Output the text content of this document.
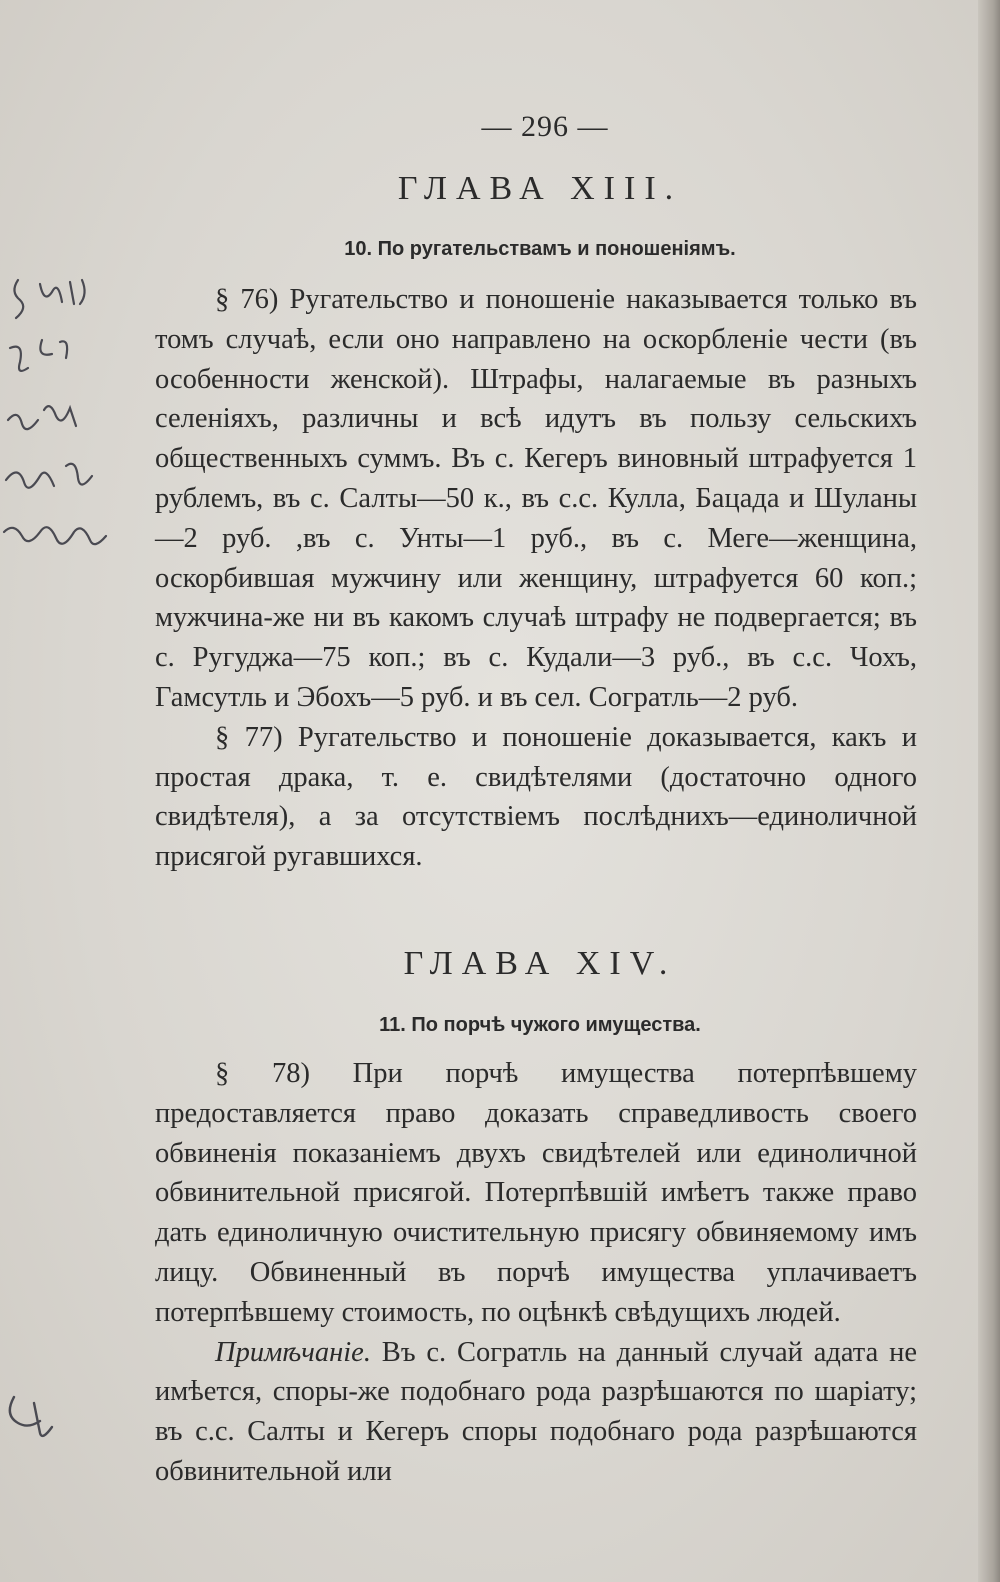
— 296 —
ГЛАВА XIII.
10. По ругательствамъ и поношеніямъ.

§ 76) Ругательство и поношеніе наказывается только въ томъ случаѣ, если оно направлено на оскорбленіе чести (въ особенности женской). Штрафы, налагаемые въ разныхъ селеніяхъ, различны и всѣ идутъ въ пользу сельскихъ общественныхъ суммъ. Въ с. Кегеръ виновный штрафуется 1 рублемъ, въ с. Салты—50 к., въ с.с. Кулла, Бацада и Шуланы—2 руб. ,въ с. Унты—1 руб., въ с. Меге—женщина, оскорбившая мужчину или женщину, штрафуется 60 коп.; мужчина-же ни въ какомъ случаѣ штрафу не подвергается; въ с. Ругуджа—75 коп.; въ с. Кудали—3 руб., въ с.с. Чохъ, Гамсутль и Эбохъ—5 руб. и въ сел. Согратль—2 руб.

§ 77) Ругательство и поношеніе доказывается, какъ и простая драка, т. е. свидѣтелями (достаточно одного свидѣтеля), а за отсутствіемъ послѣднихъ—единоличной присягой ругавшихся.

ГЛАВА XIV.
11. По порчѣ чужого имущества.

§ 78) При порчѣ имущества потерпѣвшему предоставляется право доказать справедливость своего обвиненія показаніемъ двухъ свидѣтелей или единоличной обвинительной присягой. Потерпѣвшій имѣетъ также право дать единоличную очистительную присягу обвиняемому имъ лицу. Обвиненный въ порчѣ имущества уплачиваетъ потерпѣвшему стоимость, по оцѣнкѣ свѣдущихъ людей.

Примѣчаніе. Въ с. Согратль на данный случай адата не имѣется, споры-же подобнаго рода разрѣшаются по шаріату; въ с.с. Салты и Кегеръ споры подобнаго рода разрѣшаются обвинительной или
